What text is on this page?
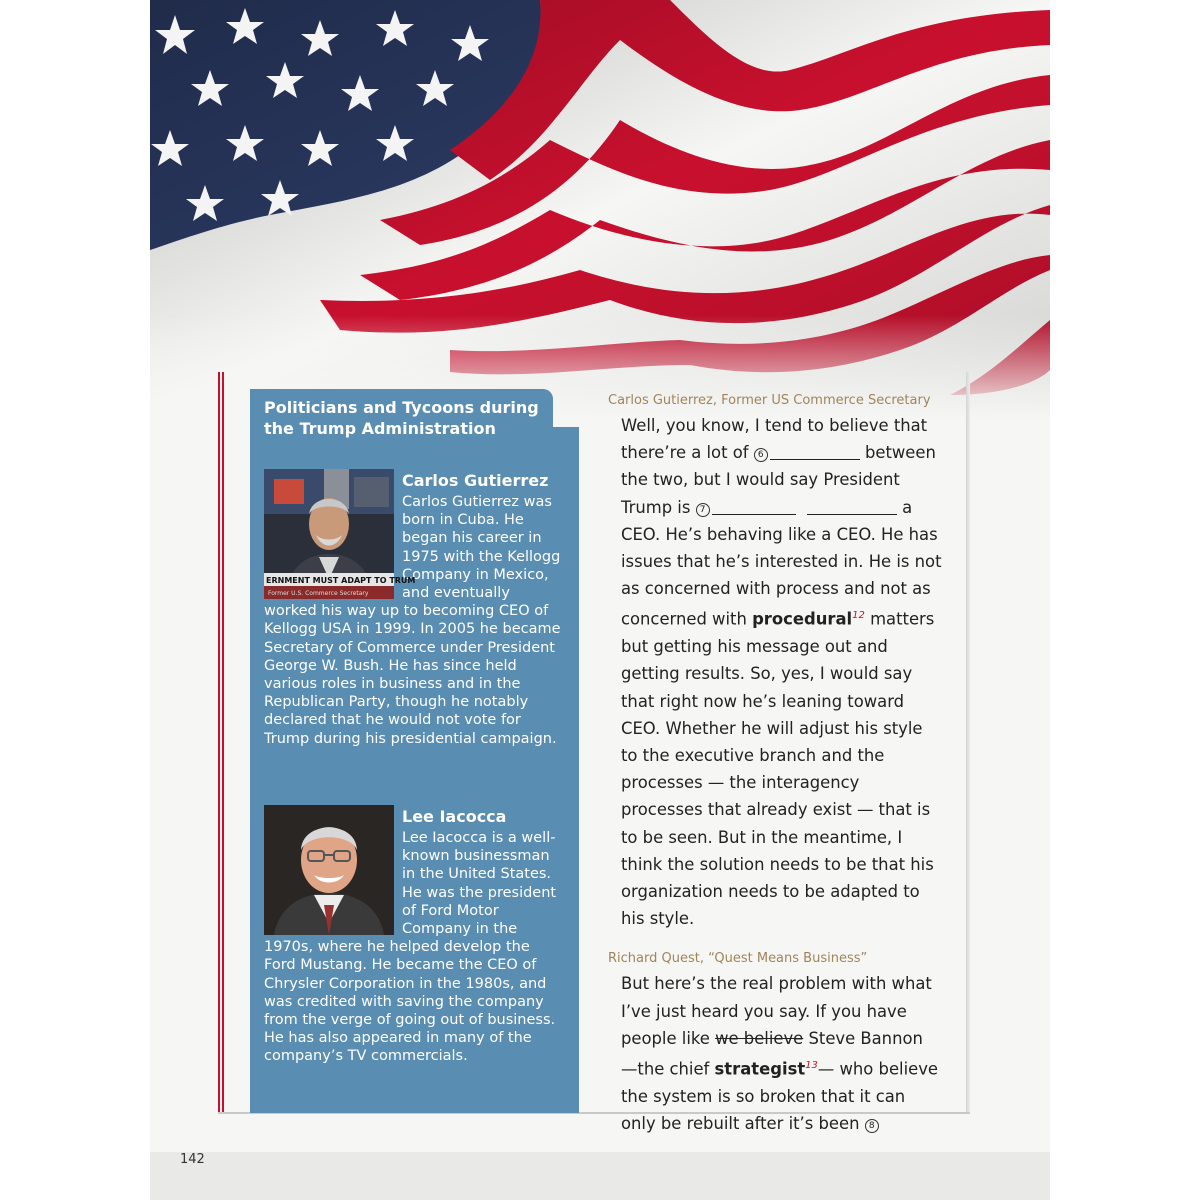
Politicians and Tycoons during the Trump Administration
ERNMENT MUST ADAPT TO TRUM
Former U.S. Commerce Secretary
Carlos Gutierrez

Carlos Gutierrez was born in Cuba. He began his career in 1975 with the Kellogg Company in Mexico, and eventually worked his way up to becoming CEO of Kellogg USA in 1999. In 2005 he became Secretary of Commerce under President George W. Bush. He has since held various roles in business and in the Republican Party, though he notably declared that he would not vote for Trump during his presidential campaign.

Lee Iacocca

Lee Iacocca is a well-known businessman in the United States. He was the president of Ford Motor Company in the 1970s, where he helped develop the Ford Mustang. He became the CEO of Chrysler Corporation in the 1980s, and was credited with saving the company from the verge of going out of business. He has also appeared in many of the company’s TV commercials.

Carlos Gutierrez, Former US Commerce Secretary

Well, you know, I tend to believe that there’re a lot of 6	between the two, but I would say President Trump is 7	a CEO. He’s behaving like a CEO. He has issues that he’s interested in. He is not as concerned with process and not as concerned with procedural$^{12}$ matters but getting his message out and getting results. So, yes, I would say that right now he’s leaning toward CEO. Whether he will adjust his style to the executive branch and the processes — the interagency processes that already exist — that is to be seen. But in the meantime, I think the solution needs to be that his organization needs to be adapted to his style.

Richard Quest, “Quest Means Business”

But here’s the real problem with what I’ve just heard you say. If you have people like we believe Steve Bannon —the chief strategist$^{13}$— who believe the system is so broken that it can only be rebuilt after it’s been 8

142
